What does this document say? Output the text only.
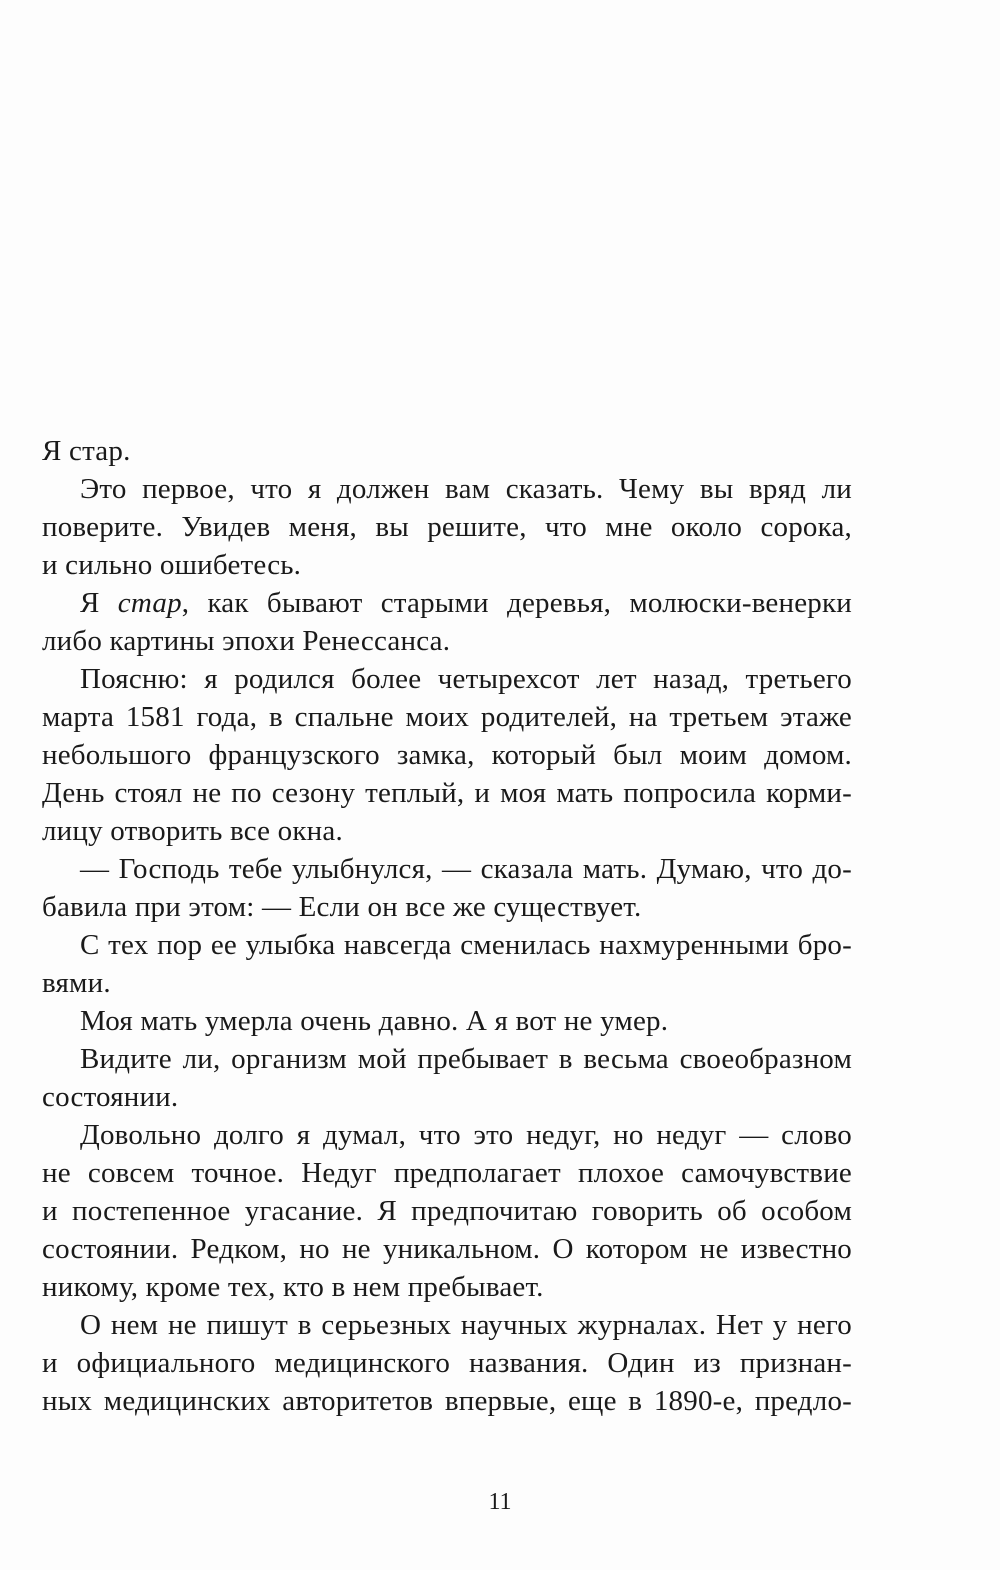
Я стар.
Это первое, что я должен вам сказать. Чему вы вряд ли
поверите. Увидев меня, вы решите, что мне около сорока,
и сильно ошибетесь.
Я стар, как бывают старыми деревья, молюски-венерки
либо картины эпохи Ренессанса.
Поясню: я родился более четырехсот лет назад, третьего
марта 1581 года, в спальне моих родителей, на третьем этаже
небольшого французского замка, который был моим домом.
День стоял не по сезону теплый, и моя мать попросила корми-
лицу отворить все окна.
— Господь тебе улыбнулся, — сказала мать. Думаю, что до-
бавила при этом: — Если он все же существует.
С тех пор ее улыбка навсегда сменилась нахмуренными бро-
вями.
Моя мать умерла очень давно. А я вот не умер.
Видите ли, организм мой пребывает в весьма своеобразном
состоянии.
Довольно долго я думал, что это недуг, но недуг — слово
не совсем точное. Недуг предполагает плохое самочувствие
и постепенное угасание. Я предпочитаю говорить об особом
состоянии. Редком, но не уникальном. О котором не известно
никому, кроме тех, кто в нем пребывает.
О нем не пишут в серьезных научных журналах. Нет у него
и официального медицинского названия. Один из признан-
ных медицинских авторитетов впервые, еще в 1890-е, предло-
11
